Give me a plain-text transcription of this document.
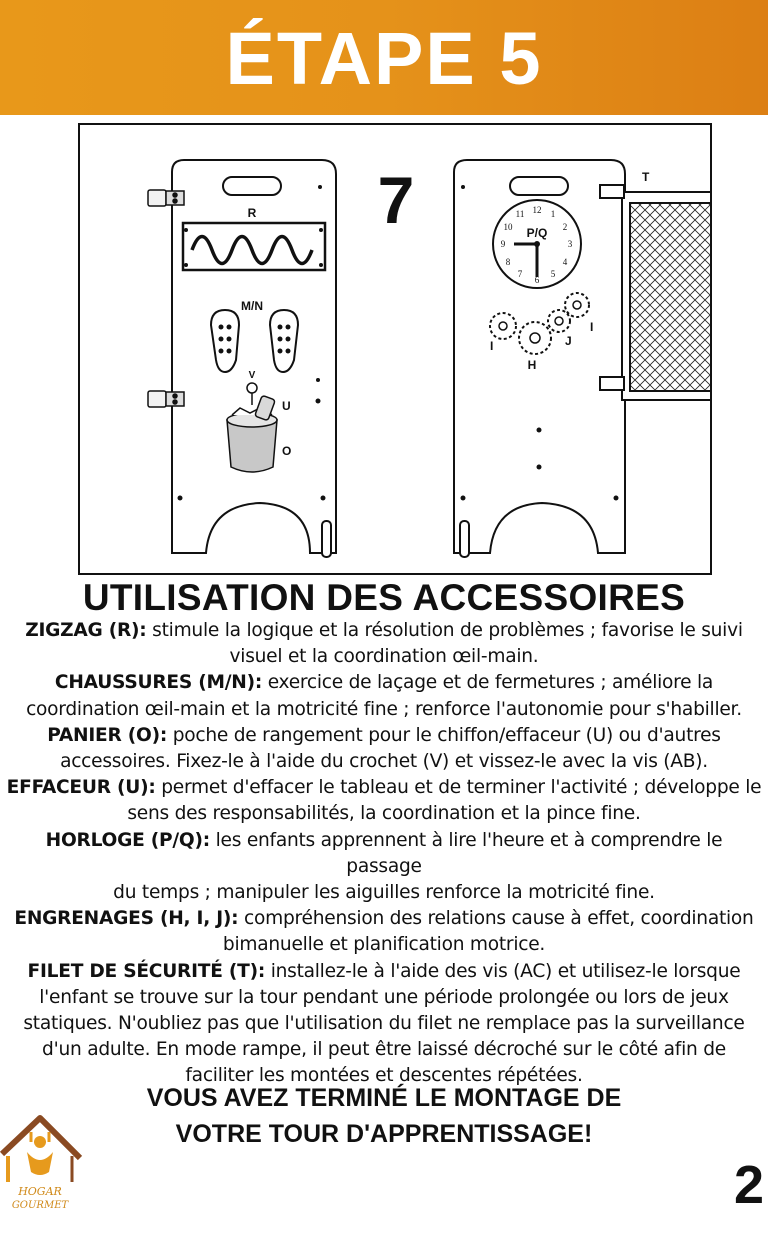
ÉTAPE 5
12 1
2
3
4
5
6
7
8
9
10
11
R
M/N
V
U
O
P/Q
I
I
J
H
T
7
UTILISATION DES ACCESSOIRES

ZIGZAG (R): stimule la logique et la résolution de problèmes ; favorise le suivi
visuel et la coordination œil-main.

CHAUSSURES (M/N): exercice de laçage et de fermetures ; améliore la
coordination œil-main et la motricité fine ; renforce l'autonomie pour s'habiller.

PANIER (O): poche de rangement pour le chiffon/effaceur (U) ou d'autres
accessoires. Fixez-le à l'aide du crochet (V) et vissez-le avec la vis (AB).

EFFACEUR (U): permet d'effacer le tableau et de terminer l'activité ; développe le
sens des responsabilités, la coordination et la pince fine.

HORLOGE (P/Q): les enfants apprennent à lire l'heure et à comprendre le passage
du temps ; manipuler les aiguilles renforce la motricité fine.

ENGRENAGES (H, I, J): compréhension des relations cause à effet, coordination
bimanuelle et planification motrice.

FILET DE SÉCURITÉ (T): installez-le à l'aide des vis (AC) et utilisez-le lorsque
l'enfant se trouve sur la tour pendant une période prolongée ou lors de jeux
statiques. N'oubliez pas que l'utilisation du filet ne remplace pas la surveillance
d'un adulte. En mode rampe, il peut être laissé décroché sur le côté afin de
faciliter les montées et descentes répétées.

VOUS AVEZ TERMINÉ LE MONTAGE DE
VOTRE TOUR D'APPRENTISSAGE!
HOGAR
GOURMET	2
